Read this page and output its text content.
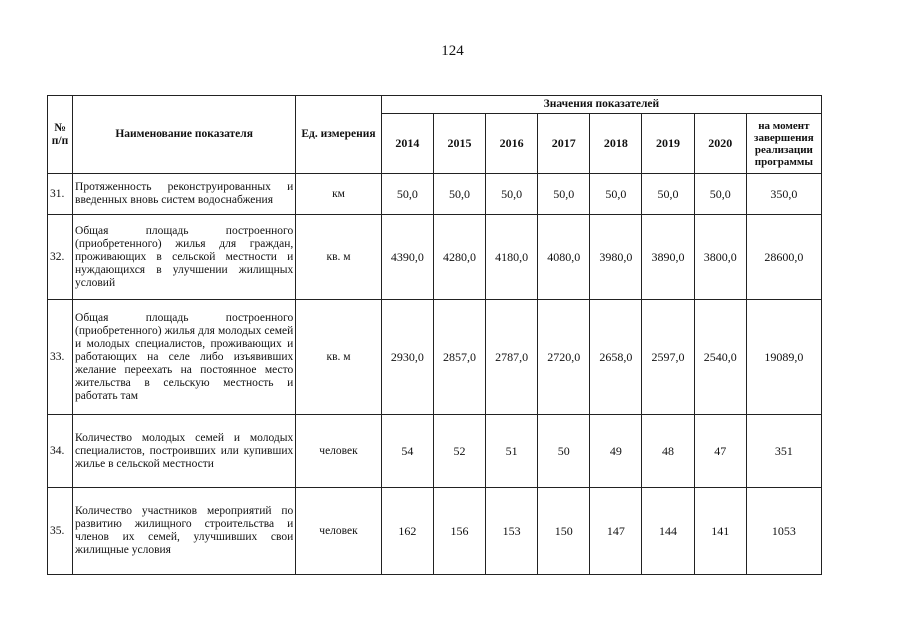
124
№ п/п	Наименование показателя	Ед. измерения	Значения показателей							
			2014	2015	2016	2017	2018	2019	2020	на момент завершения реализации программы
31.	Протяженность реконструированных и введенных вновь систем водоснабжения	км	50,0	50,0	50,0	50,0	50,0	50,0	50,0	350,0
32.	Общая площадь построенного (приобретенного) жилья для граждан, проживающих в сельской местности и нуждающихся в улучшении жилищных условий	кв. м	4390,0	4280,0	4180,0	4080,0	3980,0	3890,0	3800,0	28600,0
33.	Общая площадь построенного (приобретенного) жилья для молодых семей и молодых специалистов, проживающих и работающих на селе либо изъявивших желание переехать на постоянное место жительства в сельскую местность и работать там	кв. м	2930,0	2857,0	2787,0	2720,0	2658,0	2597,0	2540,0	19089,0
34.	Количество молодых семей и молодых специалистов, построивших или купивших жилье в сельской местности	человек	54	52	51	50	49	48	47	351
35.	Количество участников мероприятий по развитию жилищного строительства и членов их семей, улучшивших свои жилищные условия	человек	162	156	153	150	147	144	141	1053
